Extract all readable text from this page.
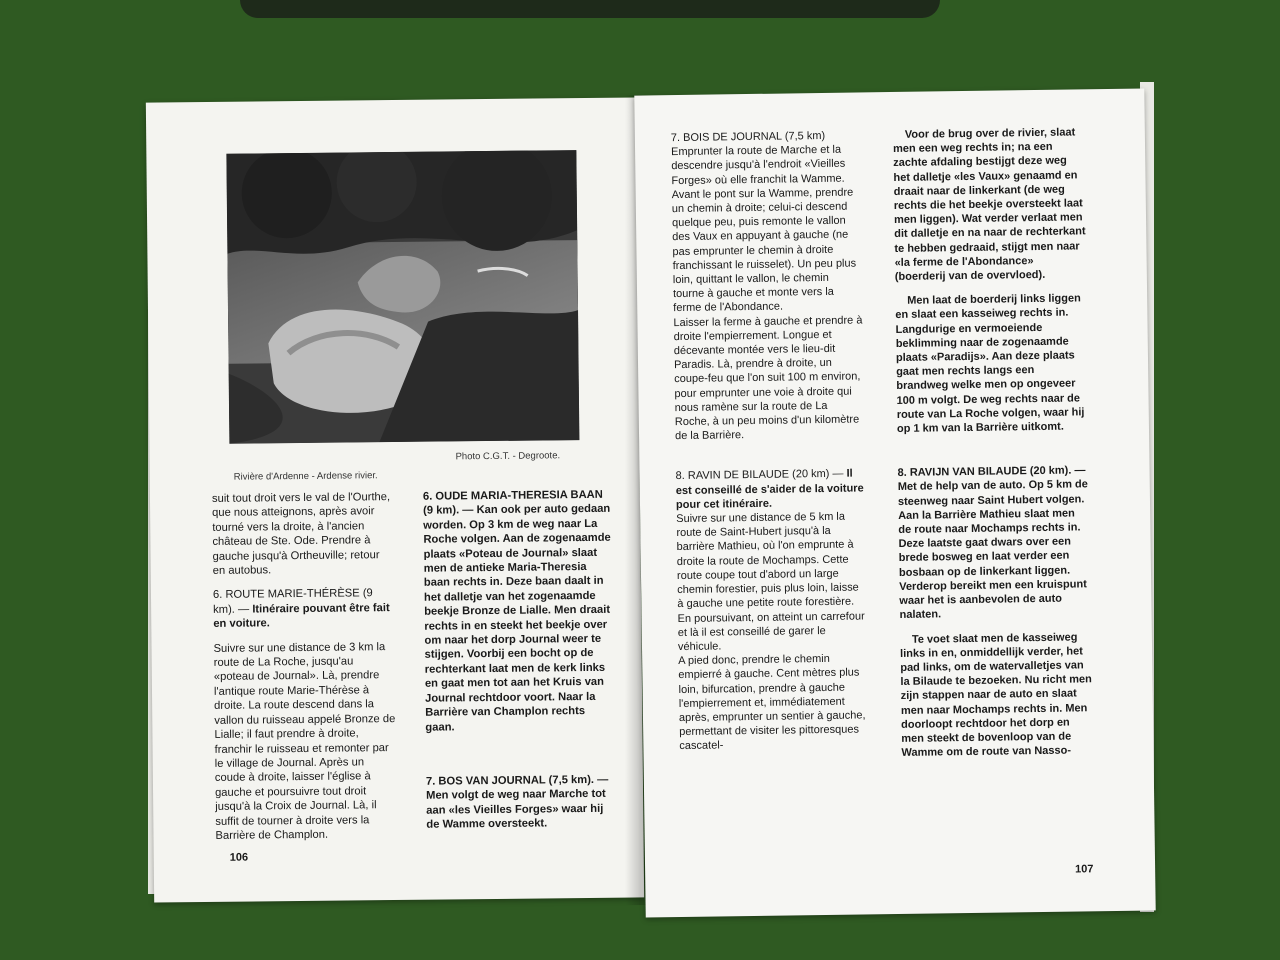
Rivière d'Ardenne - Ardense rivier.
Photo C.G.T. - Degroote.

suit tout droit vers le val de l'Ourthe, que nous atteignons, après avoir tourné vers la droite, à l'ancien château de Ste. Ode. Prendre à gauche jusqu'à Ortheuville; retour en autobus.

6. ROUTE MARIE-THÉRÈSE (9 km). — Itinéraire pouvant être fait en voiture.

Suivre sur une distance de 3 km la route de La Roche, jusqu'au «poteau de Journal». Là, prendre l'antique route Marie-Thérèse à droite. La route descend dans la vallon du ruisseau appelé Bronze de Lialle; il faut prendre à droite, franchir le ruisseau et remonter par le village de Journal. Après un coude à droite, laisser l'église à gauche et poursuivre tout droit jusqu'à la Croix de Journal. Là, il suffit de tourner à droite vers la Barrière de Champlon.

6. OUDE MARIA-THERESIA BAAN (9 km). — Kan ook per auto gedaan worden. Op 3 km de weg naar La Roche volgen. Aan de zogenaamde plaats «Poteau de Journal» slaat men de antieke Maria-Theresia baan rechts in. Deze baan daalt in het dalletje van het zogenaamde beekje Bronze de Lialle. Men draait rechts in en steekt het beekje over om naar het dorp Journal weer te stijgen. Voorbij een bocht op de rechterkant laat men de kerk links en gaat men tot aan het Kruis van Journal rechtdoor voort. Naar la Barrière van Champlon rechts gaan.

7. BOS VAN JOURNAL (7,5 km). — Men volgt de weg naar Marche tot aan «les Vieilles Forges» waar hij de Wamme oversteekt.

106

7. BOIS DE JOURNAL (7,5 km)

Emprunter la route de Marche et la descendre jusqu'à l'endroit «Vieilles Forges» où elle franchit la Wamme.

Avant le pont sur la Wamme, prendre un chemin à droite; celui-ci descend quelque peu, puis remonte le vallon des Vaux en appuyant à gauche (ne pas emprunter le chemin à droite franchissant le ruisselet). Un peu plus loin, quittant le vallon, le chemin tourne à gauche et monte vers la ferme de l'Abondance.

Laisser la ferme à gauche et prendre à droite l'empierrement. Longue et décevante montée vers le lieu-dit Paradis. Là, prendre à droite, un coupe-feu que l'on suit 100 m environ, pour emprunter une voie à droite qui nous ramène sur la route de La Roche, à un peu moins d'un kilomètre de la Barrière.

8. RAVIN DE BILAUDE (20 km) — Il est conseillé de s'aider de la voiture pour cet itinéraire.

Suivre sur une distance de 5 km la route de Saint-Hubert jusqu'à la barrière Mathieu, où l'on emprunte à droite la route de Mochamps. Cette route coupe tout d'abord un large chemin forestier, puis plus loin, laisse à gauche une petite route forestière. En poursuivant, on atteint un carrefour et là il est conseillé de garer le véhicule.

A pied donc, prendre le chemin empierré à gauche. Cent mètres plus loin, bifurcation, prendre à gauche l'empierrement et, immédiatement après, emprunter un sentier à gauche, permettant de visiter les pittoresques cascatel-

Voor de brug over de rivier, slaat men een weg rechts in; na een zachte afdaling bestijgt deze weg het dalletje «les Vaux» genaamd en draait naar de linkerkant (de weg rechts die het beekje oversteekt laat men liggen). Wat verder verlaat men dit dalletje en na naar de rechterkant te hebben gedraaid, stijgt men naar «la ferme de l'Abondance» (boerderij van de overvloed).

Men laat de boerderij links liggen en slaat een kasseiweg rechts in. Langdurige en vermoeiende beklimming naar de zogenaamde plaats «Paradijs». Aan deze plaats gaat men rechts langs een brandweg welke men op ongeveer 100 m volgt. De weg rechts naar de route van La Roche volgen, waar hij op 1 km van la Barrière uitkomt.

8. RAVIJN VAN BILAUDE (20 km). — Met de help van de auto. Op 5 km de steenweg naar Saint Hubert volgen. Aan la Barrière Mathieu slaat men de route naar Mochamps rechts in. Deze laatste gaat dwars over een brede bosweg en laat verder een bosbaan op de linkerkant liggen. Verderop bereikt men een kruispunt waar het is aanbevolen de auto nalaten.

Te voet slaat men de kasseiweg links in en, onmiddellijk verder, het pad links, om de watervalletjes van la Bilaude te bezoeken. Nu richt men zijn stappen naar de auto en slaat men naar Mochamps rechts in. Men doorloopt rechtdoor het dorp en men steekt de bovenloop van de Wamme om de route van Nasso-

107
